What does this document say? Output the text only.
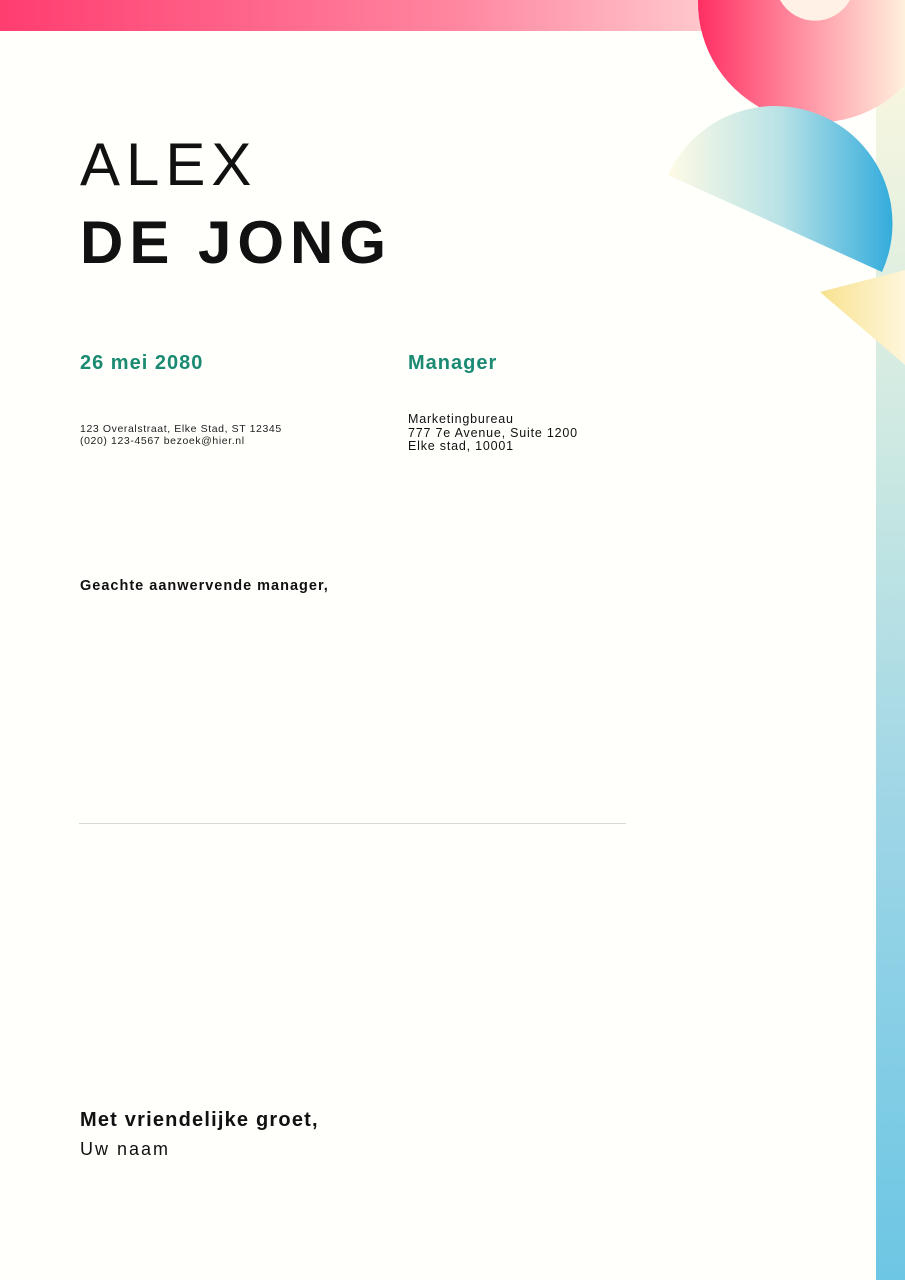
ALEX
DE JONG
26 mei 2080	Manager
123 Overalstraat, Elke Stad, ST 12345
(020) 123-4567 bezoek@hier.nl
Marketingbureau
777 7e Avenue, Suite 1200
Elke stad, 10001
Geachte aanwervende manager,
Met vriendelijke groet,
Uw naam
